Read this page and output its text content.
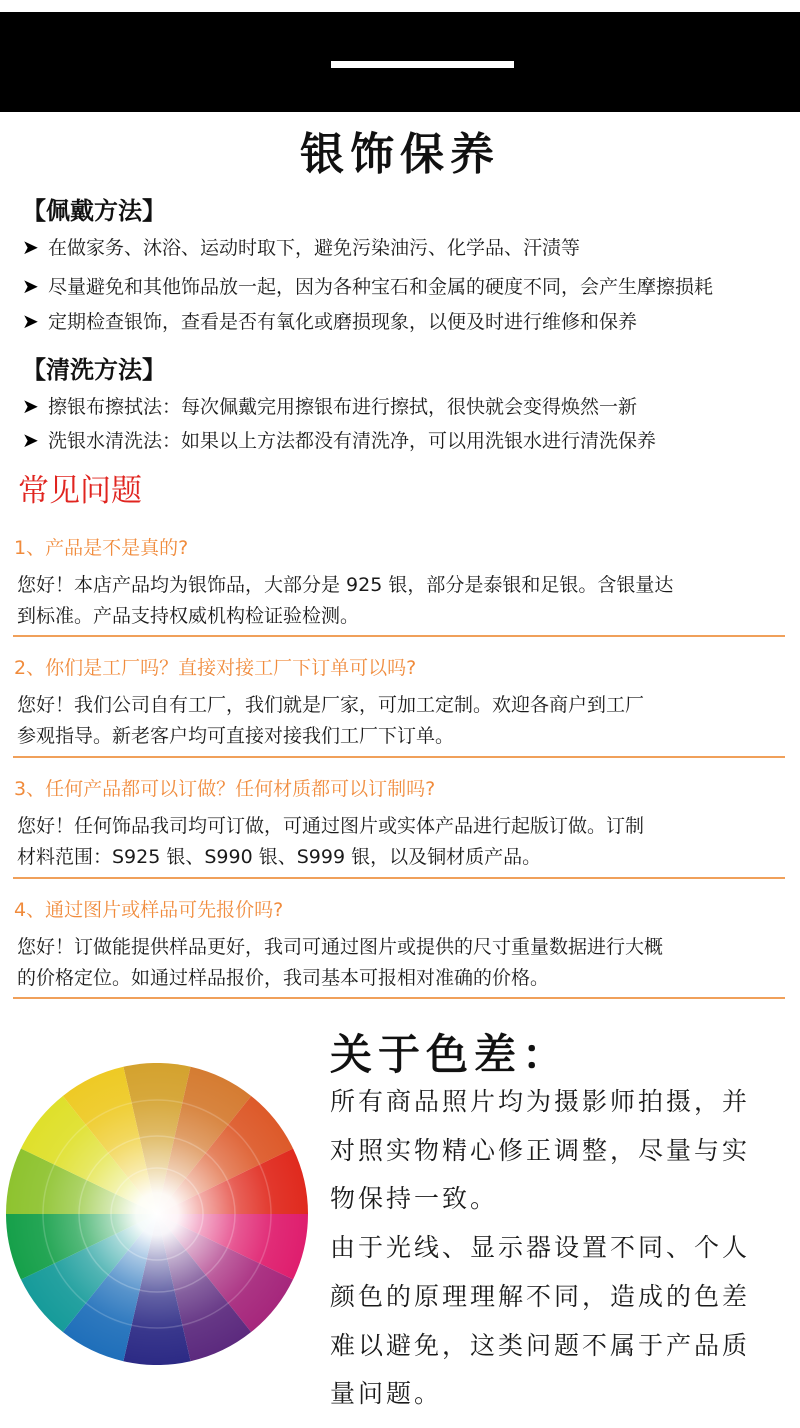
银饰保养
【佩戴方法】
➤ 在做家务、沐浴、运动时取下，避免污染油污、化学品、汗渍等
➤ 尽量避免和其他饰品放一起，因为各种宝石和金属的硬度不同，会产生摩擦损耗
➤ 定期检查银饰，查看是否有氧化或磨损现象，以便及时进行维修和保养
【清洗方法】
➤ 擦银布擦拭法：每次佩戴完用擦银布进行擦拭，很快就会变得焕然一新
➤ 洗银水清洗法：如果以上方法都没有清洗净，可以用洗银水进行清洗保养
常见问题
1、产品是不是真的?
您好！本店产品均为银饰品，大部分是 925 银，部分是泰银和足银。含银量达
到标准。产品支持权威机构检证验检测。
2、你们是工厂吗？直接对接工厂下订单可以吗?
您好！我们公司自有工厂，我们就是厂家，可加工定制。欢迎各商户到工厂
参观指导。新老客户均可直接对接我们工厂下订单。
3、任何产品都可以订做？任何材质都可以订制吗?
您好！任何饰品我司均可订做，可通过图片或实体产品进行起版订做。订制
材料范围：S925 银、S990 银、S999 银，以及铜材质产品。
4、通过图片或样品可先报价吗?
您好！订做能提供样品更好，我司可通过图片或提供的尺寸重量数据进行大概
的价格定位。如通过样品报价，我司基本可报相对准确的价格。
关于色差：
所有商品照片均为摄影师拍摄，并
对照实物精心修正调整，尽量与实
物保持一致。
由于光线、显示器设置不同、个人
颜色的原理理解不同，造成的色差
难以避免，这类问题不属于产品质
量问题。
